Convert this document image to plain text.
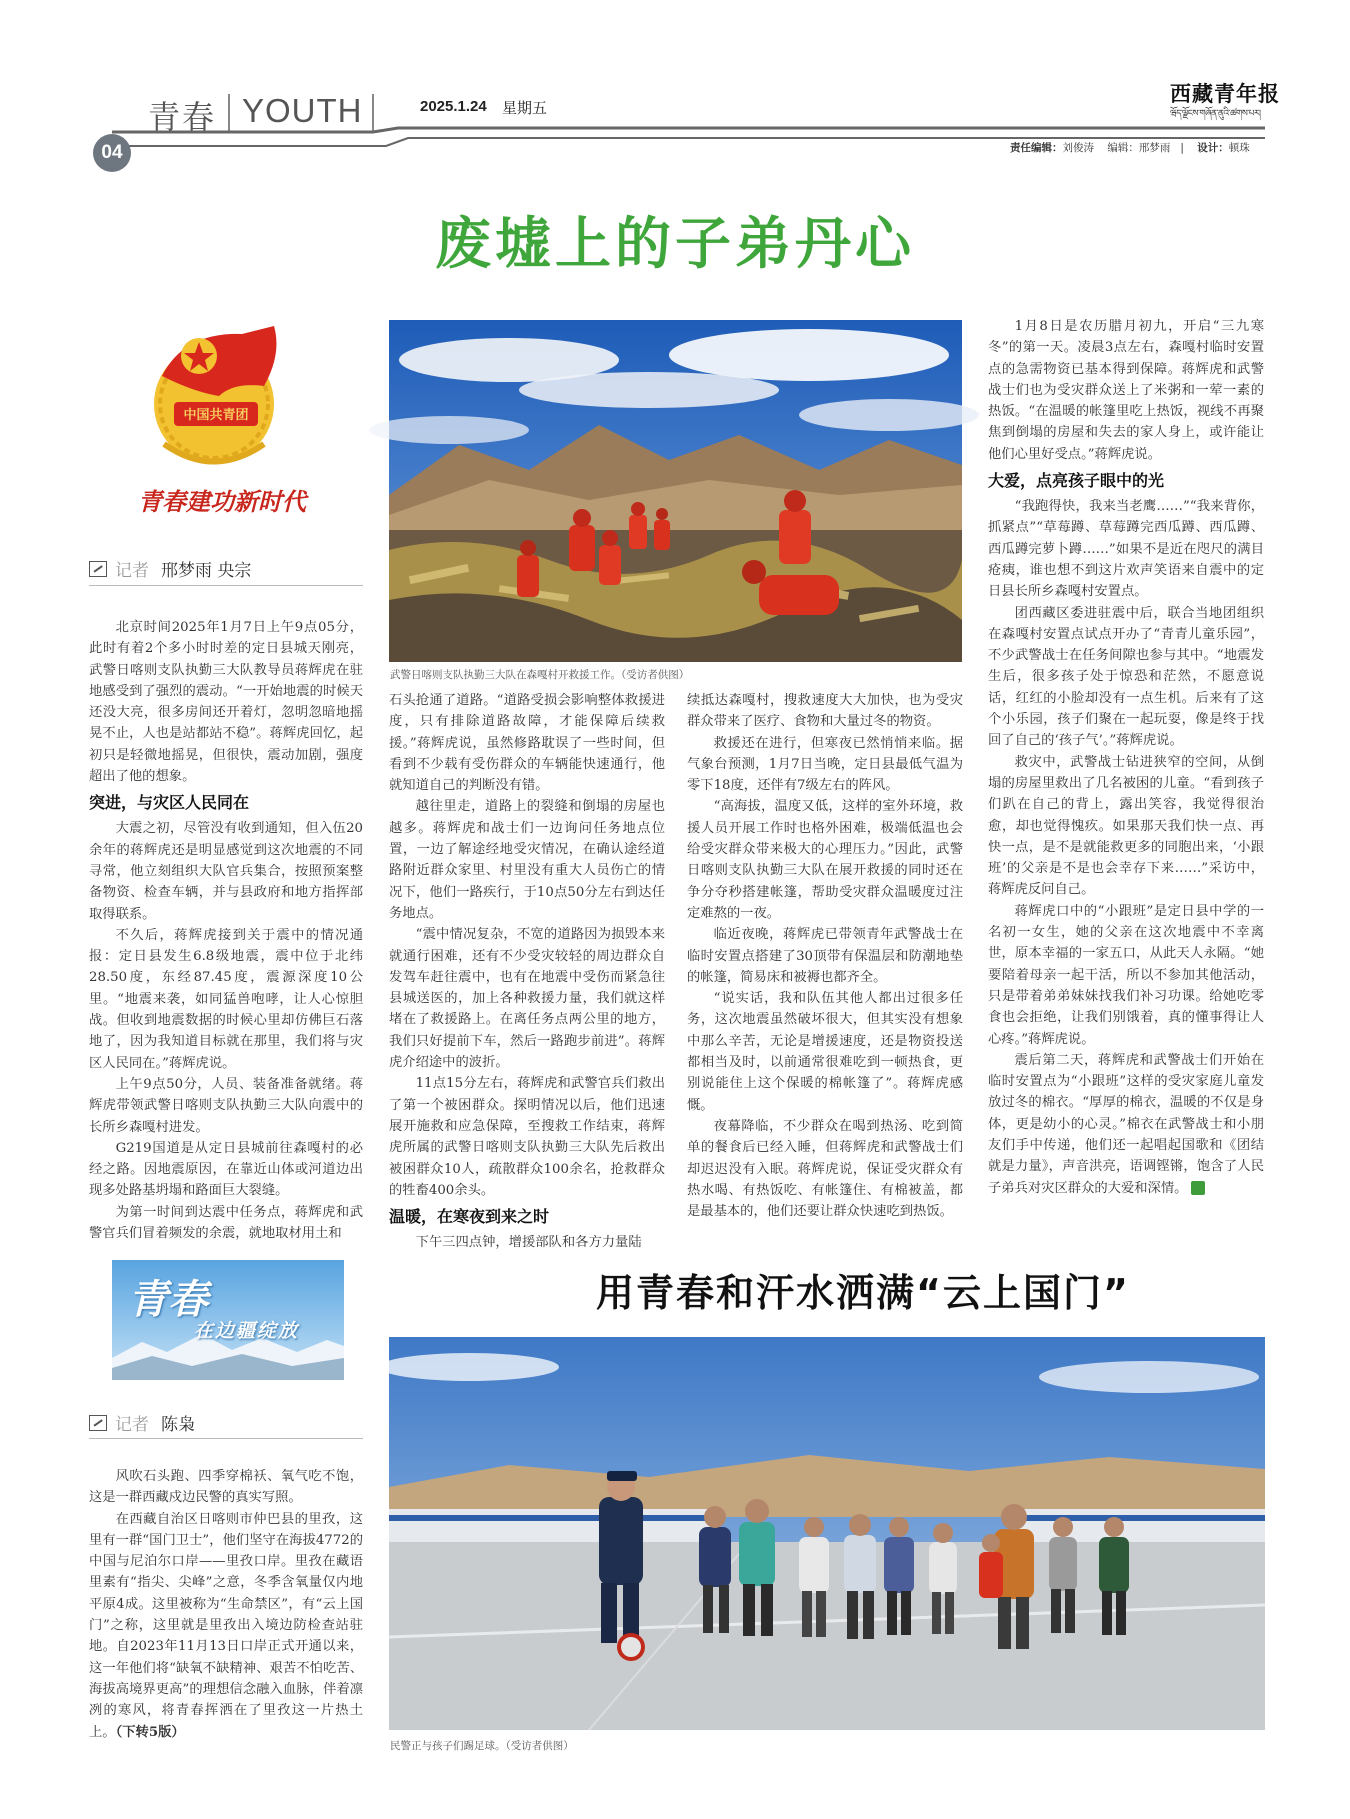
青春 YOUTH	2025.1.24 星期五
西藏青年报
ཝོད་ལྗོངས་གཞོན་ནུའི་ཚགས་པར།
04	责任编辑：刘俊涛 编辑：邢梦雨 | 设计：顿珠
废墟上的子弟丹心
中国共青团
青春建功新时代
记者 邢梦雨 央宗
武警日喀则支队执勤三大队在森嘎村开救援工作。（受访者供图）

北京时间2025年1月7日上午9点05分，此时有着2个多小时时差的定日县城天刚亮，武警日喀则支队执勤三大队教导员蒋辉虎在驻地感受到了强烈的震动。“一开始地震的时候天还没大亮，很多房间还开着灯，忽明忽暗地摇晃不止，人也是站都站不稳”。蒋辉虎回忆，起初只是轻微地摇晃，但很快，震动加剧，强度超出了他的想象。

突进，与灾区人民同在

大震之初，尽管没有收到通知，但入伍20余年的蒋辉虎还是明显感觉到这次地震的不同寻常，他立刻组织大队官兵集合，按照预案整备物资、检查车辆，并与县政府和地方指挥部取得联系。

不久后，蒋辉虎接到关于震中的情况通报：定日县发生6.8级地震，震中位于北纬28.50度，东经87.45度，震源深度10公里。“地震来袭，如同猛兽咆哮，让人心惊胆战。但收到地震数据的时候心里却仿佛巨石落地了，因为我知道目标就在那里，我们将与灾区人民同在。”蒋辉虎说。

上午9点50分，人员、装备准备就绪。蒋辉虎带领武警日喀则支队执勤三大队向震中的长所乡森嘎村进发。

G219国道是从定日县城前往森嘎村的必经之路。因地震原因，在靠近山体或河道边出现多处路基坍塌和路面巨大裂缝。

为第一时间到达震中任务点，蒋辉虎和武警官兵们冒着频发的余震，就地取材用土和

石头抢通了道路。“道路受损会影响整体救援进度，只有排除道路故障，才能保障后续救援。”蒋辉虎说，虽然修路耽误了一些时间，但看到不少载有受伤群众的车辆能快速通行，他就知道自己的判断没有错。

越往里走，道路上的裂缝和倒塌的房屋也越多。蒋辉虎和战士们一边询问任务地点位置，一边了解途经地受灾情况，在确认途经道路附近群众家里、村里没有重大人员伤亡的情况下，他们一路疾行，于10点50分左右到达任务地点。

“震中情况复杂，不宽的道路因为损毁本来就通行困难，还有不少受灾较轻的周边群众自发驾车赶往震中，也有在地震中受伤而紧急往县城送医的，加上各种救援力量，我们就这样堵在了救援路上。在离任务点两公里的地方，我们只好提前下车，然后一路跑步前进”。蒋辉虎介绍途中的波折。

11点15分左右，蒋辉虎和武警官兵们救出了第一个被困群众。探明情况以后，他们迅速展开施救和应急保障，至搜救工作结束，蒋辉虎所属的武警日喀则支队执勤三大队先后救出被困群众10人，疏散群众100余名，抢救群众的牲畜400余头。

温暖，在寒夜到来之时

下午三四点钟，增援部队和各方力量陆

续抵达森嘎村，搜救速度大大加快，也为受灾群众带来了医疗、食物和大量过冬的物资。

救援还在进行，但寒夜已然悄悄来临。据气象台预测，1月7日当晚，定日县最低气温为零下18度，还伴有7级左右的阵风。

“高海拔，温度又低，这样的室外环境，救援人员开展工作时也格外困难，极端低温也会给受灾群众带来极大的心理压力。”因此，武警日喀则支队执勤三大队在展开救援的同时还在争分夺秒搭建帐篷，帮助受灾群众温暖度过注定难熬的一夜。

临近夜晚，蒋辉虎已带领青年武警战士在临时安置点搭建了30顶带有保温层和防潮地垫的帐篷，简易床和被褥也都齐全。

“说实话，我和队伍其他人都出过很多任务，这次地震虽然破坏很大，但其实没有想象中那么辛苦，无论是增援速度，还是物资投送都相当及时，以前通常很难吃到一顿热食，更别说能住上这个保暖的棉帐篷了”。蒋辉虎感慨。

夜幕降临，不少群众在喝到热汤、吃到简单的餐食后已经入睡，但蒋辉虎和武警战士们却迟迟没有入眠。蒋辉虎说，保证受灾群众有热水喝、有热饭吃、有帐篷住、有棉被盖，都是最基本的，他们还要让群众快速吃到热饭。

1月8日是农历腊月初九，开启“三九寒冬”的第一天。凌晨3点左右，森嘎村临时安置点的急需物资已基本得到保障。蒋辉虎和武警战士们也为受灾群众送上了米粥和一荤一素的热饭。“在温暖的帐篷里吃上热饭，视线不再聚焦到倒塌的房屋和失去的家人身上，或许能让他们心里好受点。”蒋辉虎说。

大爱，点亮孩子眼中的光

“我跑得快，我来当老鹰……”“我来背你，抓紧点”“草莓蹲、草莓蹲完西瓜蹲、西瓜蹲、西瓜蹲完萝卜蹲……”如果不是近在咫尺的满目疮痍，谁也想不到这片欢声笑语来自震中的定日县长所乡森嘎村安置点。

团西藏区委进驻震中后，联合当地团组织在森嘎村安置点试点开办了“青青儿童乐园”，不少武警战士在任务间隙也参与其中。“地震发生后，很多孩子处于惊恐和茫然，不愿意说话，红红的小脸却没有一点生机。后来有了这个小乐园，孩子们聚在一起玩耍，像是终于找回了自己的‘孩子气’。”蒋辉虎说。

救灾中，武警战士钻进狭窄的空间，从倒塌的房屋里救出了几名被困的儿童。“看到孩子们趴在自己的背上，露出笑容，我觉得很治愈，却也觉得愧疚。如果那天我们快一点、再快一点，是不是就能救更多的同胞出来，‘小跟班’的父亲是不是也会幸存下来……”采访中，蒋辉虎反问自己。

蒋辉虎口中的“小跟班”是定日县中学的一名初一女生，她的父亲在这次地震中不幸离世，原本幸福的一家五口，从此天人永隔。“她要陪着母亲一起干活，所以不参加其他活动，只是带着弟弟妹妹找我们补习功课。给她吃零食也会拒绝，让我们别饿着，真的懂事得让人心疼。”蒋辉虎说。

震后第二天，蒋辉虎和武警战士们开始在临时安置点为“小跟班”这样的受灾家庭儿童发放过冬的棉衣。“厚厚的棉衣，温暖的不仅是身体，更是幼小的心灵。”棉衣在武警战士和小朋友们手中传递，他们还一起唱起国歌和《团结就是力量》，声音洪亮，语调铿锵，饱含了人民子弟兵对灾区群众的大爱和深情。

用青春和汗水洒满“云上国门”
青春
在边疆绽放
记者 陈枭

风吹石头跑、四季穿棉袄、氧气吃不饱，这是一群西藏戍边民警的真实写照。

在西藏自治区日喀则市仲巴县的里孜，这里有一群“国门卫士”，他们坚守在海拔4772的中国与尼泊尔口岸——里孜口岸。里孜在藏语里素有“指尖、尖峰”之意，冬季含氧量仅内地平原4成。这里被称为“生命禁区”，有“云上国门”之称，这里就是里孜出入境边防检查站驻地。自2023年11月13日口岸正式开通以来，这一年他们将“缺氧不缺精神、艰苦不怕吃苦、海拔高境界更高”的理想信念融入血脉，伴着凛冽的寒风，将青春挥洒在了里孜这一片热土上。（下转5版）

民警正与孩子们踢足球。（受访者供图）
